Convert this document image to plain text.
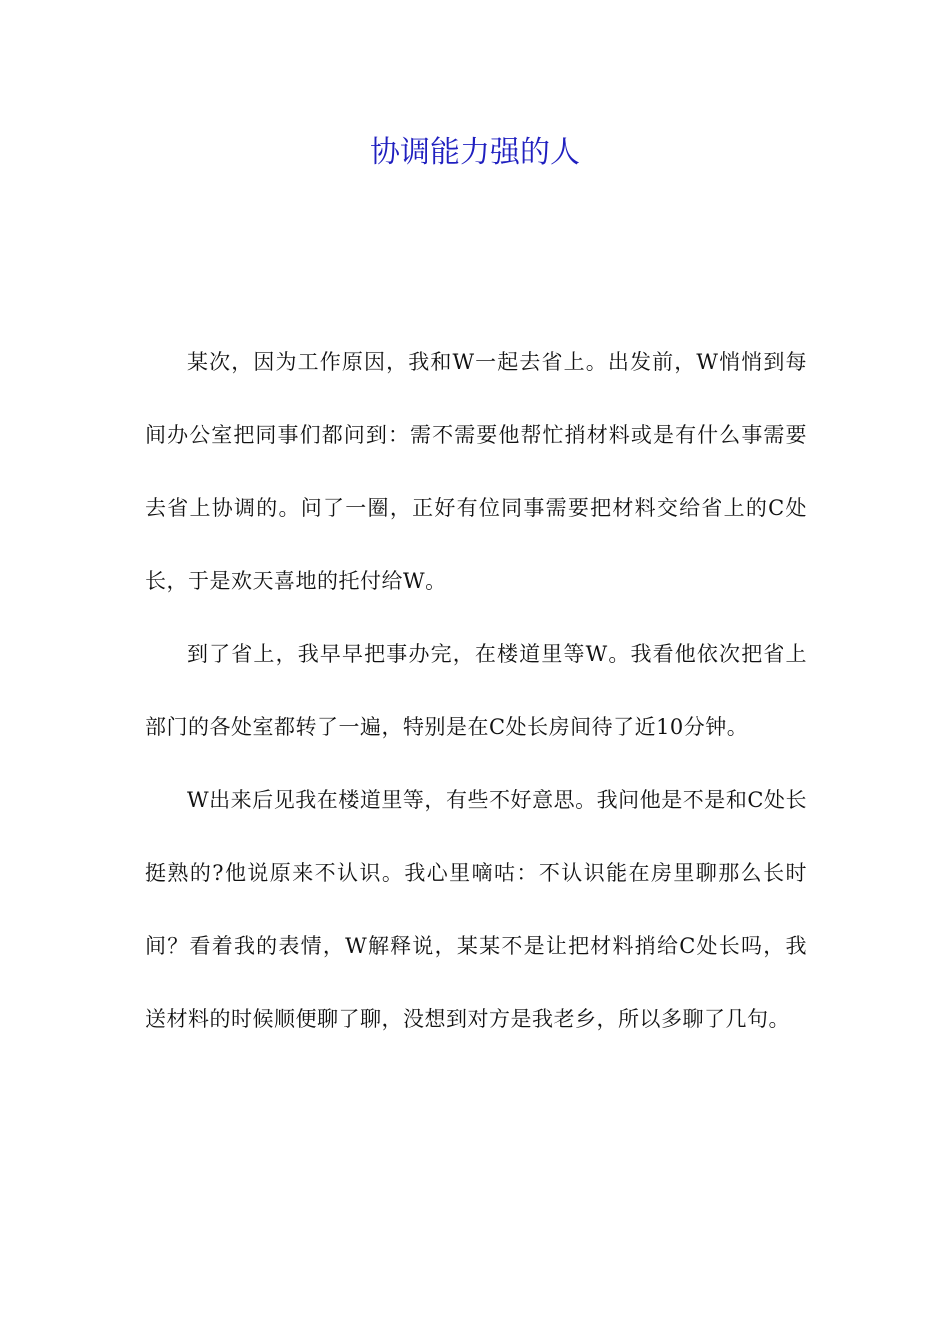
协调能力强的人

某次，因为工作原因，我和W一起去省上。出发前，W悄悄到每间办公室把同事们都问到：需不需要他帮忙捎材料或是有什么事需要去省上协调的。问了一圈，正好有位同事需要把材料交给省上的C处长，于是欢天喜地的托付给W。

到了省上，我早早把事办完，在楼道里等W。我看他依次把省上部门的各处室都转了一遍，特别是在C处长房间待了近10分钟。

W出来后见我在楼道里等，有些不好意思。我问他是不是和C处长挺熟的?他说原来不认识。我心里嘀咕：不认识能在房里聊那么长时间？看着我的表情，W解释说，某某不是让把材料捎给C处长吗，我送材料的时候顺便聊了聊，没想到对方是我老乡，所以多聊了几句。
